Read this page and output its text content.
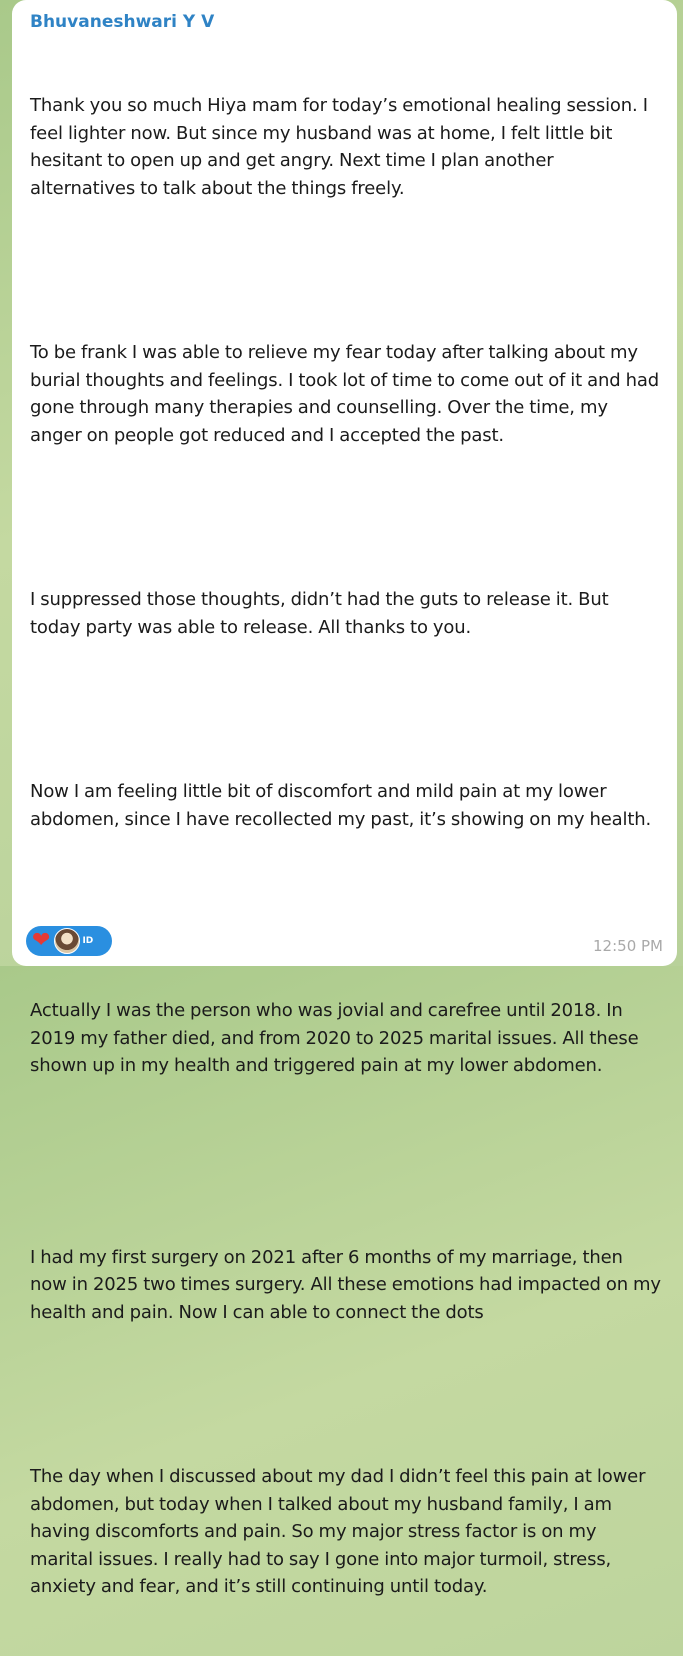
Bhuvaneshwari Y V

Thank you so much Hiya mam for today’s emotional healing session. I feel lighter now. But since my husband was at home, I felt little bit hesitant to open up and get angry. Next time I plan another alternatives to talk about the things freely.

To be frank I was able to relieve my fear today after talking about my burial thoughts and feelings. I took lot of time to come out of it and had gone through many therapies and counselling. Over the time, my anger on people got reduced and I accepted the past.

I suppressed those thoughts, didn’t had the guts to release it. But today party was able to release. All thanks to you.

Now I am feeling little bit of discomfort and mild pain at my lower abdomen, since I have recollected my past, it’s showing on my health.

Actually I was the person who was jovial and carefree until 2018. In 2019 my father died, and from 2020 to 2025 marital issues. All these shown up in my health and triggered pain at my lower abdomen.

I had my first surgery on 2021 after 6 months of my marriage, then now in 2025 two times surgery. All these emotions had impacted on my health and pain. Now I can able to connect the dots

The day when I discussed about my dad I didn’t feel this pain at lower abdomen, but today when I talked about my husband family, I am having discomforts and pain. So my major stress factor is on my marital issues. I really had to say I gone into major turmoil, stress, anxiety and fear, and it’s still continuing until today.

❤	ID	12:50 PM
